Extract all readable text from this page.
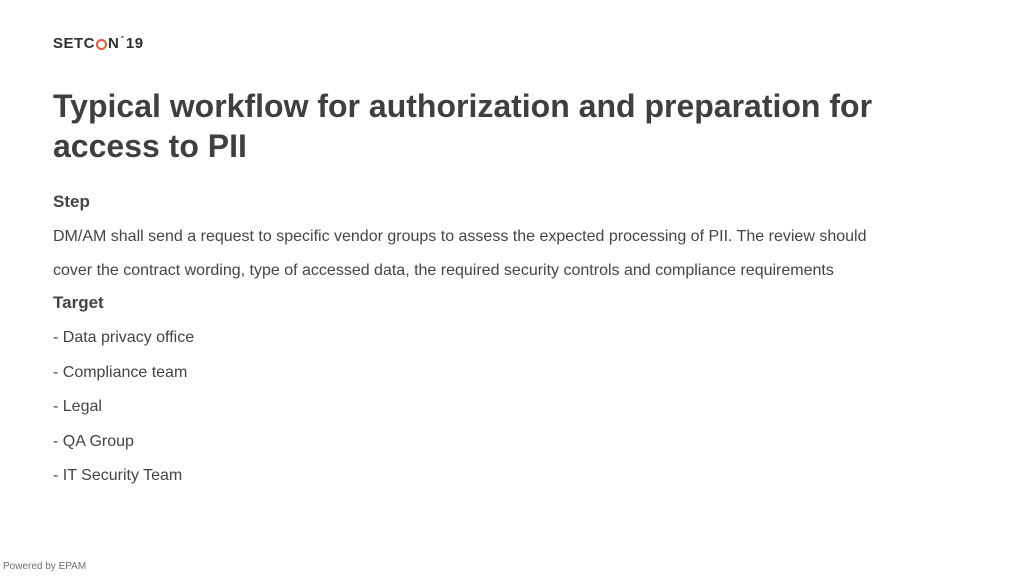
SETC N ´ 19
Typical workflow for authorization and preparation for access to PII
Step
DM/AM shall send a request to specific vendor groups to assess the expected processing of PII. The review should
cover the contract wording, type of accessed data, the required security controls and compliance requirements
Target
- Data privacy office
- Compliance team
- Legal
- QA Group
- IT Security Team
Powered by EPAM
